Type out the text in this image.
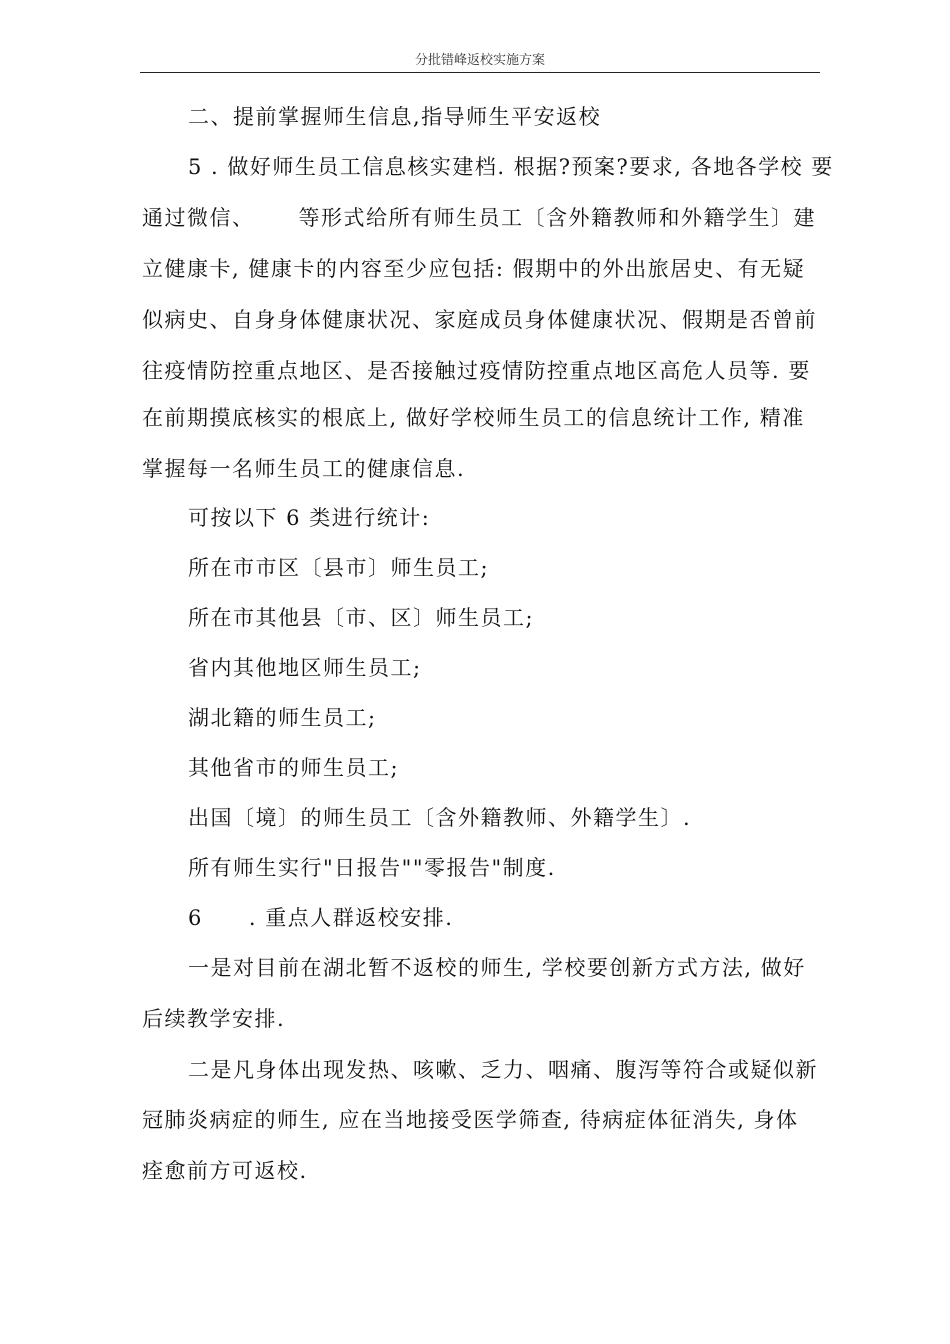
分批错峰返校实施方案
二、提前掌握师生信息,指导师生平安返校
5 . 做好师生员工信息核实建档. 根据?预案?要求, 各地各学校 要
通过微信、 等形式给所有师生员工〔含外籍教师和外籍学生〕建
立健康卡, 健康卡的内容至少应包括: 假期中的外出旅居史、有无疑
似病史、自身身体健康状况、家庭成员身体健康状况、假期是否曾前
往疫情防控重点地区、是否接触过疫情防控重点地区高危人员等. 要
在前期摸底核实的根底上, 做好学校师生员工的信息统计工作, 精准
掌握每一名师生员工的健康信息.
可按以下 6 类进行统计:
所在市市区〔县市〕师生员工;
所在市其他县〔市、区〕师生员工;
省内其他地区师生员工;
湖北籍的师生员工;
其他省市的师生员工;
出国〔境〕的师生员工〔含外籍教师、外籍学生〕.
所有师生实行"日报告""零报告"制度.
6 . 重点人群返校安排.
一是对目前在湖北暂不返校的师生, 学校要创新方式方法, 做好
后续教学安排.
二是凡身体出现发热、咳嗽、乏力、咽痛、腹泻等符合或疑似新
冠肺炎病症的师生, 应在当地接受医学筛查, 待病症体征消失, 身体
痊愈前方可返校.
